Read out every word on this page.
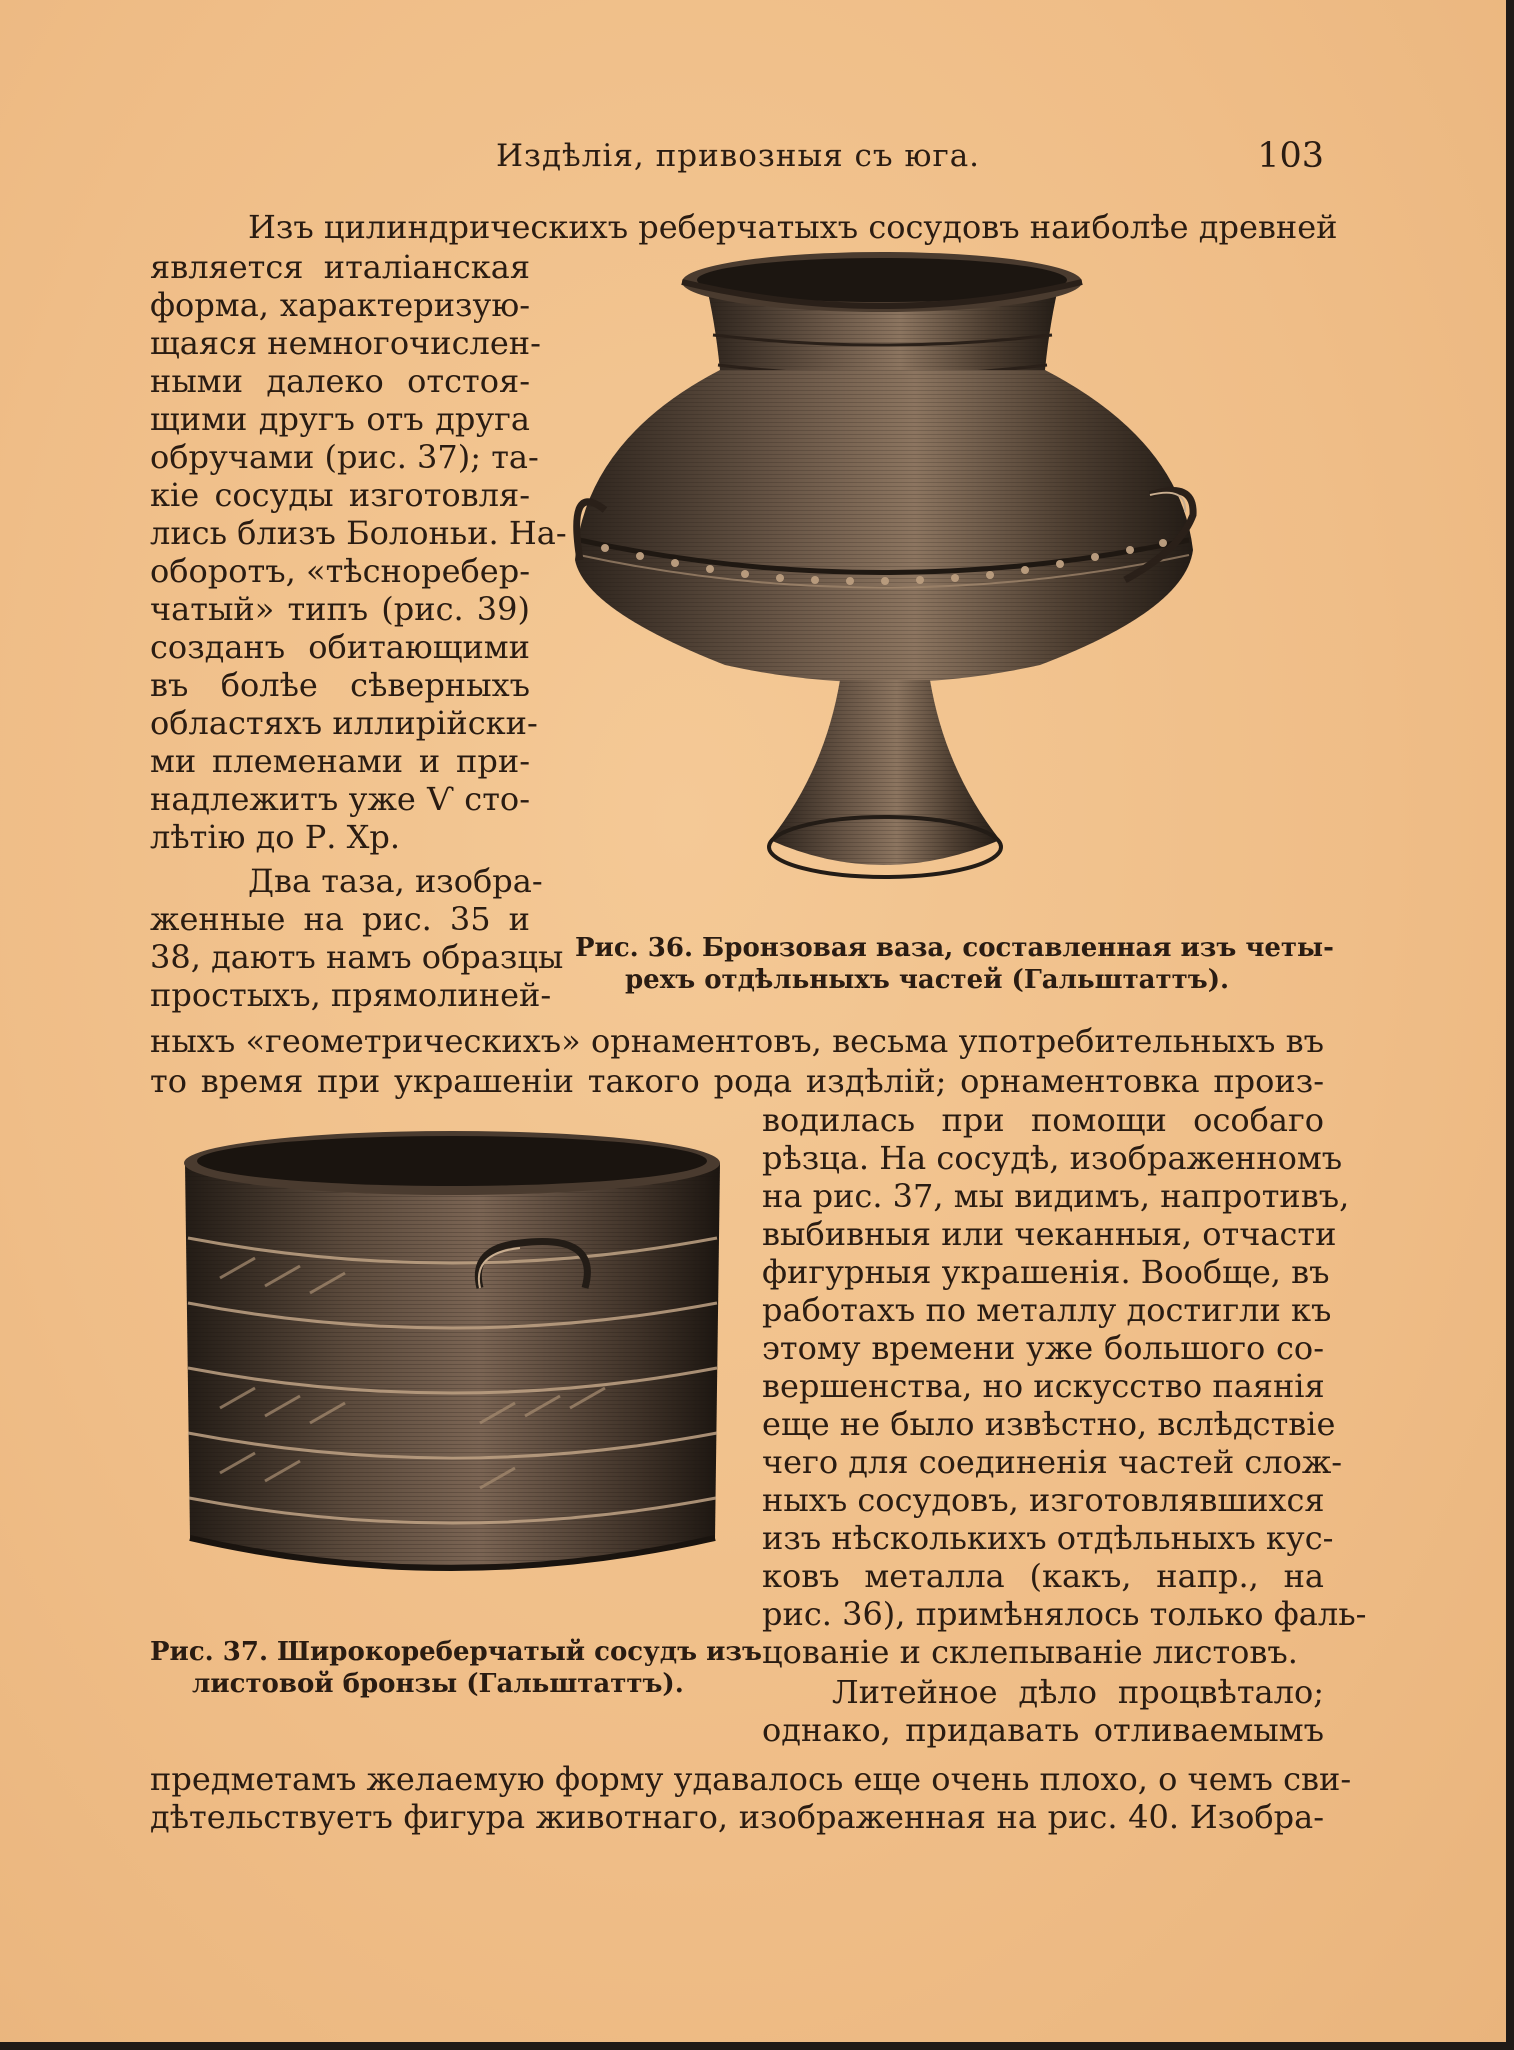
Издѣлія, привозныя съ юга.	103
Изъ цилиндрическихъ реберчатыхъ сосудовъ наиболѣе древней
является италіанская
форма, характеризую-
щаяся немногочислен-
ными далеко отстоя-
щими другъ отъ друга
обручами (рис. 37); та-
кіе сосуды изготовля-
лись близъ Болоньи. На-
оборотъ, «тѣсноребер-
чатый» типъ (рис. 39)
созданъ обитающими
въ болѣе сѣверныхъ
областяхъ иллирійски-
ми племенами и при-
надлежитъ уже Ѵ сто-
лѣтію до Р. Хр.
Два таза, изобра-
женные на рис. 35 и
38, даютъ намъ образцы
простыхъ, прямолиней-
Рис. 36. Бронзовая ваза, составленная изъ четы-
рехъ отдѣльныхъ частей (Гальштаттъ).
ныхъ «геометрическихъ» орнаментовъ, весьма употребительныхъ въ
то время при украшеніи такого рода издѣлій; орнаментовка произ-
Рис. 37. Широкореберчатый сосудъ изъ
листовой бронзы (Гальштаттъ).
водилась при помощи особаго
рѣзца. На сосудѣ, изображенномъ
на рис. 37, мы видимъ, напротивъ,
выбивныя или чеканныя, отчасти
фигурныя украшенія. Вообще, въ
работахъ по металлу достигли къ
этому времени уже большого со-
вершенства, но искусство паянія
еще не было извѣстно, вслѣдствіе
чего для соединенія частей слож-
ныхъ сосудовъ, изготовлявшихся
изъ нѣсколькихъ отдѣльныхъ кус-
ковъ металла (какъ, напр., на
рис. 36), примѣнялось только фаль-
цованіе и склепываніе листовъ.
Литейное дѣло процвѣтало;
однако, придавать отливаемымъ
предметамъ желаемую форму удавалось еще очень плохо, о чемъ сви-
дѣтельствуетъ фигура животнаго, изображенная на рис. 40. Изобра-
